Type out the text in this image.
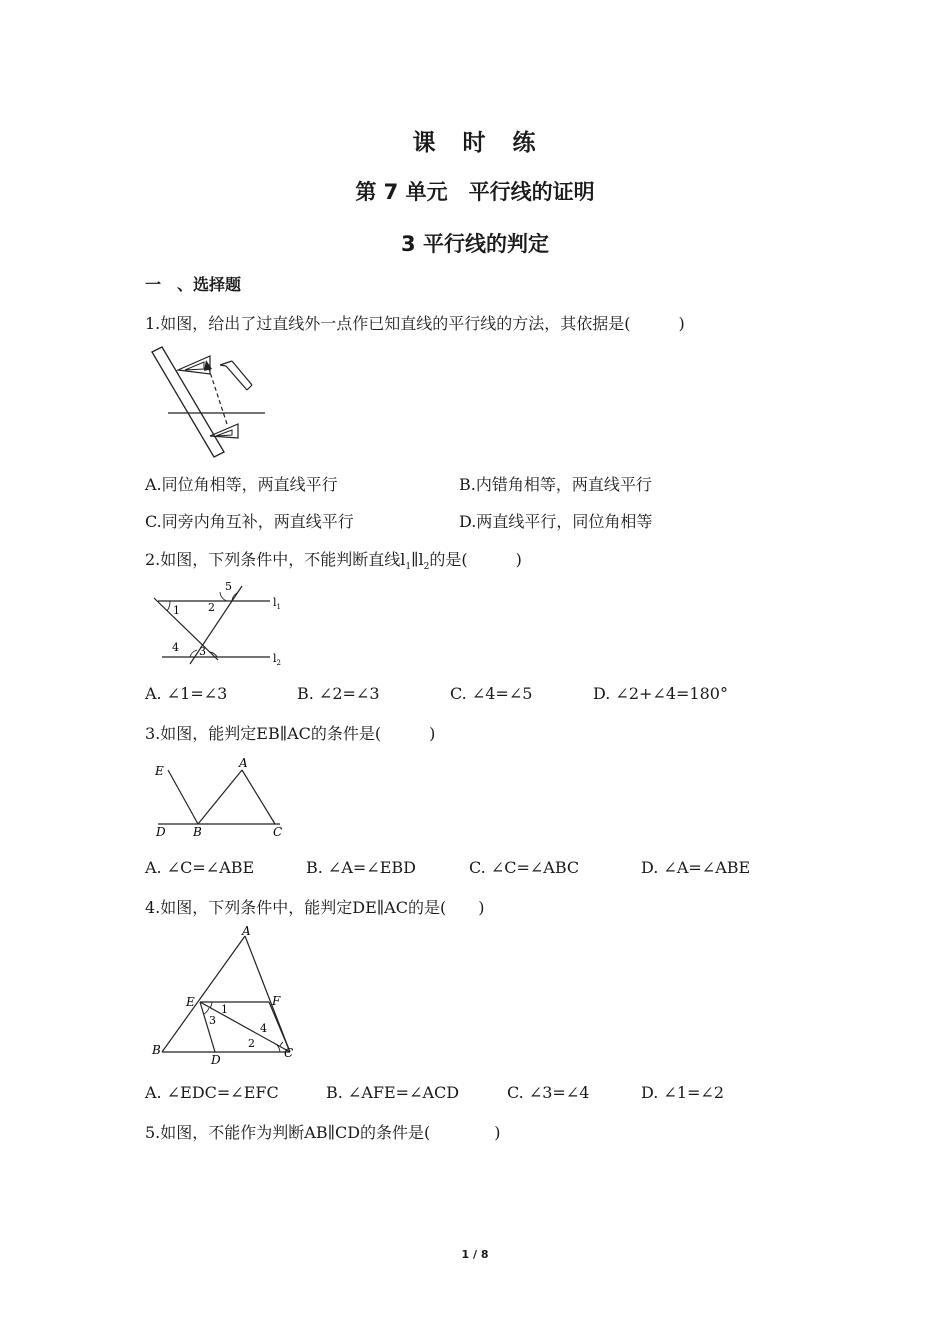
课　时　练
第 7 单元　平行线的证明
3 平行线的判定
一　、选择题
1.如图，给出了过直线外一点作已知直线的平行线的方法，其依据是(　　　)
A.同位角相等，两直线平行	B.内错角相等，两直线平行
C.同旁内角互补，两直线平行	D.两直线平行，同位角相等
2.如图，下列条件中，不能判断直线$l_1\parallel l_2$的是(　　　)
1	2
3
4
5
$l_1$
$l_2$
A. ∠1=∠3	B. ∠2=∠3	C. ∠4=∠5	D. ∠2+∠4=180°
3.如图，能判定EB∥AC的条件是(　　　)
E
A
D B	C
A. ∠C=∠ABE	B. ∠A=∠EBD	C. ∠C=∠ABC	D. ∠A=∠ABE
4.如图，下列条件中，能判定DE∥AC的是(　　)
A
E	F
B
D	C
1
2
3
4
A. ∠EDC=∠EFC	B. ∠AFE=∠ACD	C. ∠3=∠4	D. ∠1=∠2
5.如图，不能作为判断AB∥CD的条件是(　　　　)
1 / 8
